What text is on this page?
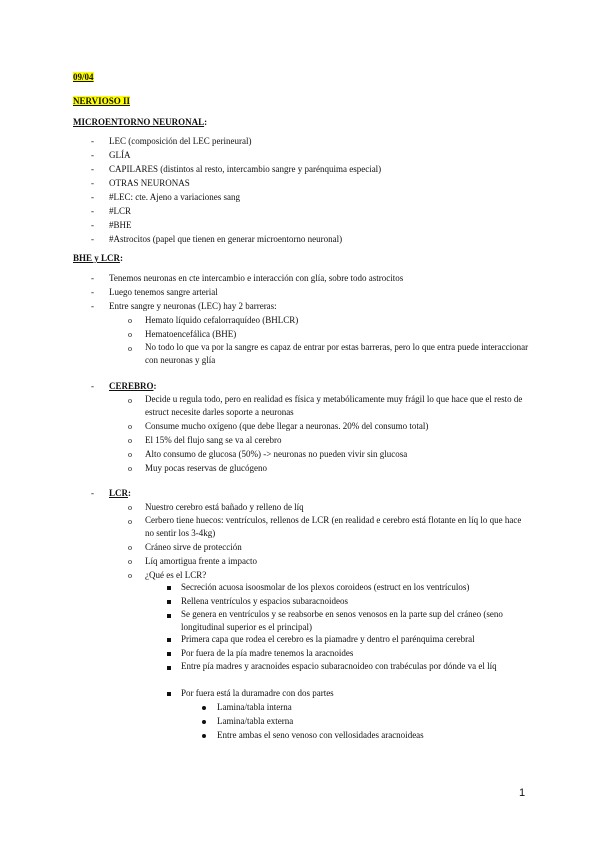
09/04
NERVIOSO II
MICROENTORNO NEURONAL:
- LEC (composición del LEC perineural)
- GLÍA
- CAPILARES (distintos al resto, intercambio sangre y parénquima especial)
- OTRAS NEURONAS
- #LEC: cte. Ajeno a variaciones sang
- #LCR
- #BHE
- #Astrocitos (papel que tienen en generar microentorno neuronal)
BHE y LCR:
- Tenemos neuronas en cte intercambio e interacción con glía, sobre todo astrocitos
- Luego tenemos sangre arterial
- Entre sangre y neuronas (LEC) hay 2 barreras:
o Hemato líquido cefalorraquídeo (BHLCR)
o Hematoencefálica (BHE)
o No todo lo que va por la sangre es capaz de entrar por estas barreras, pero lo que entra puede interaccionar con neuronas y glía
- CEREBRO:
o Decide u regula todo, pero en realidad es física y metabólicamente muy frágil lo que hace que el resto de estruct necesite darles soporte a neuronas
o Consume mucho oxígeno (que debe llegar a neuronas. 20% del consumo total)
o El 15% del flujo sang se va al cerebro
o Alto consumo de glucosa (50%) -> neuronas no pueden vivir sin glucosa
o Muy pocas reservas de glucógeno
- LCR:
o Nuestro cerebro está bañado y relleno de líq
o Cerbero tiene huecos: ventrículos, rellenos de LCR (en realidad e cerebro está flotante en líq lo que hace no sentir los 3-4kg)
o Cráneo sirve de protección
o Líq amortigua frente a impacto
o ¿Qué es el LCR?
Secreción acuosa isoosmolar de los plexos coroideos (estruct en los ventrículos)
Rellena ventrículos y espacios subaracnoideos
Se genera en ventrículos y se reabsorbe en senos venosos en la parte sup del cráneo (seno longitudinal superior es el principal)
Primera capa que rodea el cerebro es la piamadre y dentro el parénquima cerebral
Por fuera de la pía madre tenemos la aracnoides
Entre pía madres y aracnoides espacio subaracnoideo con trabéculas por dónde va el líq
Por fuera está la duramadre con dos partes
Lamina/tabla interna
Lamina/tabla externa
Entre ambas el seno venoso con vellosidades aracnoideas
1
